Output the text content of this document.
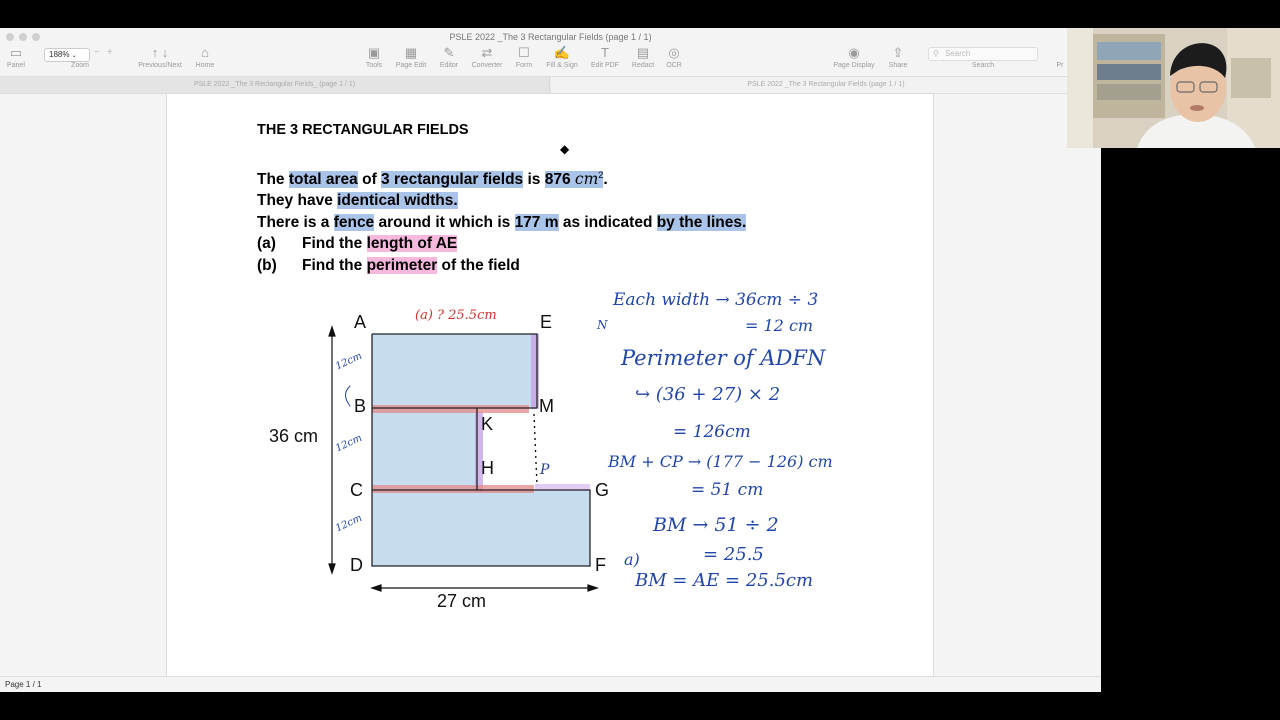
PSLE 2022 _The 3 Rectangular Fields (page 1 / 1)
▭
Panel
188% ⌄	− +
Zoom
↑ ↓
Previous/Next
⌂
Home
▣
Tools
▦
Page Edit
✎
Editor
⇄
Converter
☐
Form
✍
Fill & Sign
T
Edit PDF
▤
Redact
◎
OCR
◉
Page Display
⇪
Share
⚲ Search
Search	Pr
PSLE 2022 _The 3 Rectangular Fields_ (page 1 / 1)	PSLE 2022 _The 3 Rectangular Fields (page 1 / 1)
THE 3 RECTANGULAR FIELDS
◆
The total area of 3 rectangular fields is 876 $cm^2$.
They have identical widths.
There is a fence around it which is 177 m as indicated by the lines.
(a) Find the length of AE
(b) Find the perimeter of the field
A
B
C
D
E
F
G
H
K
M
36 cm
27 cm
(a) ? 25.5cm
P
N
12cm
12cm
12cm
Each width → 36cm ÷ 3
= 12 cm
Perimeter of ADFN
↪ (36 + 27) × 2
= 126cm
BM + CP → (177 − 126) cm
= 51 cm
BM → 51 ÷ 2
= 25.5
a)
BM = AE = 25.5cm
Page 1 / 1
